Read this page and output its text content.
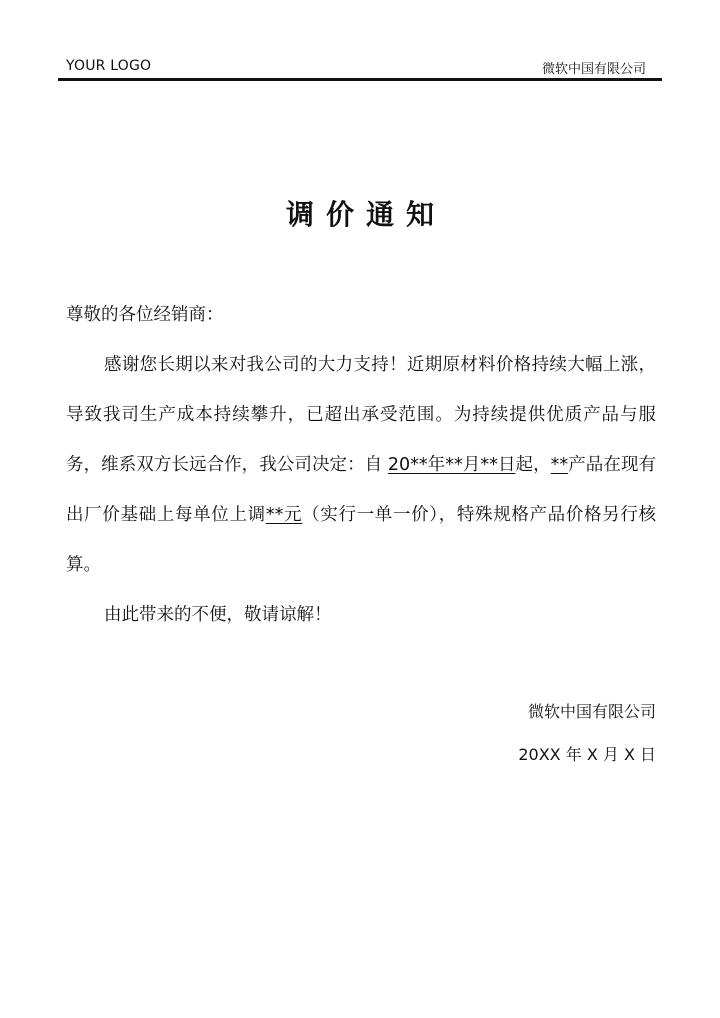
YOUR LOGO	微软中国有限公司
调价通知

尊敬的各位经销商：

感谢您长期以来对我公司的大力支持！近期原材料价格持续大幅上涨，导致我司生产成本持续攀升，已超出承受范围。为持续提供优质产品与服务，维系双方长远合作，我公司决定：自 20**年**月**日起，**产品在现有出厂价基础上每单位上调**元（实行一单一价），特殊规格产品价格另行核算。

由此带来的不便，敬请谅解！

微软中国有限公司
20XX 年 X 月 X 日
